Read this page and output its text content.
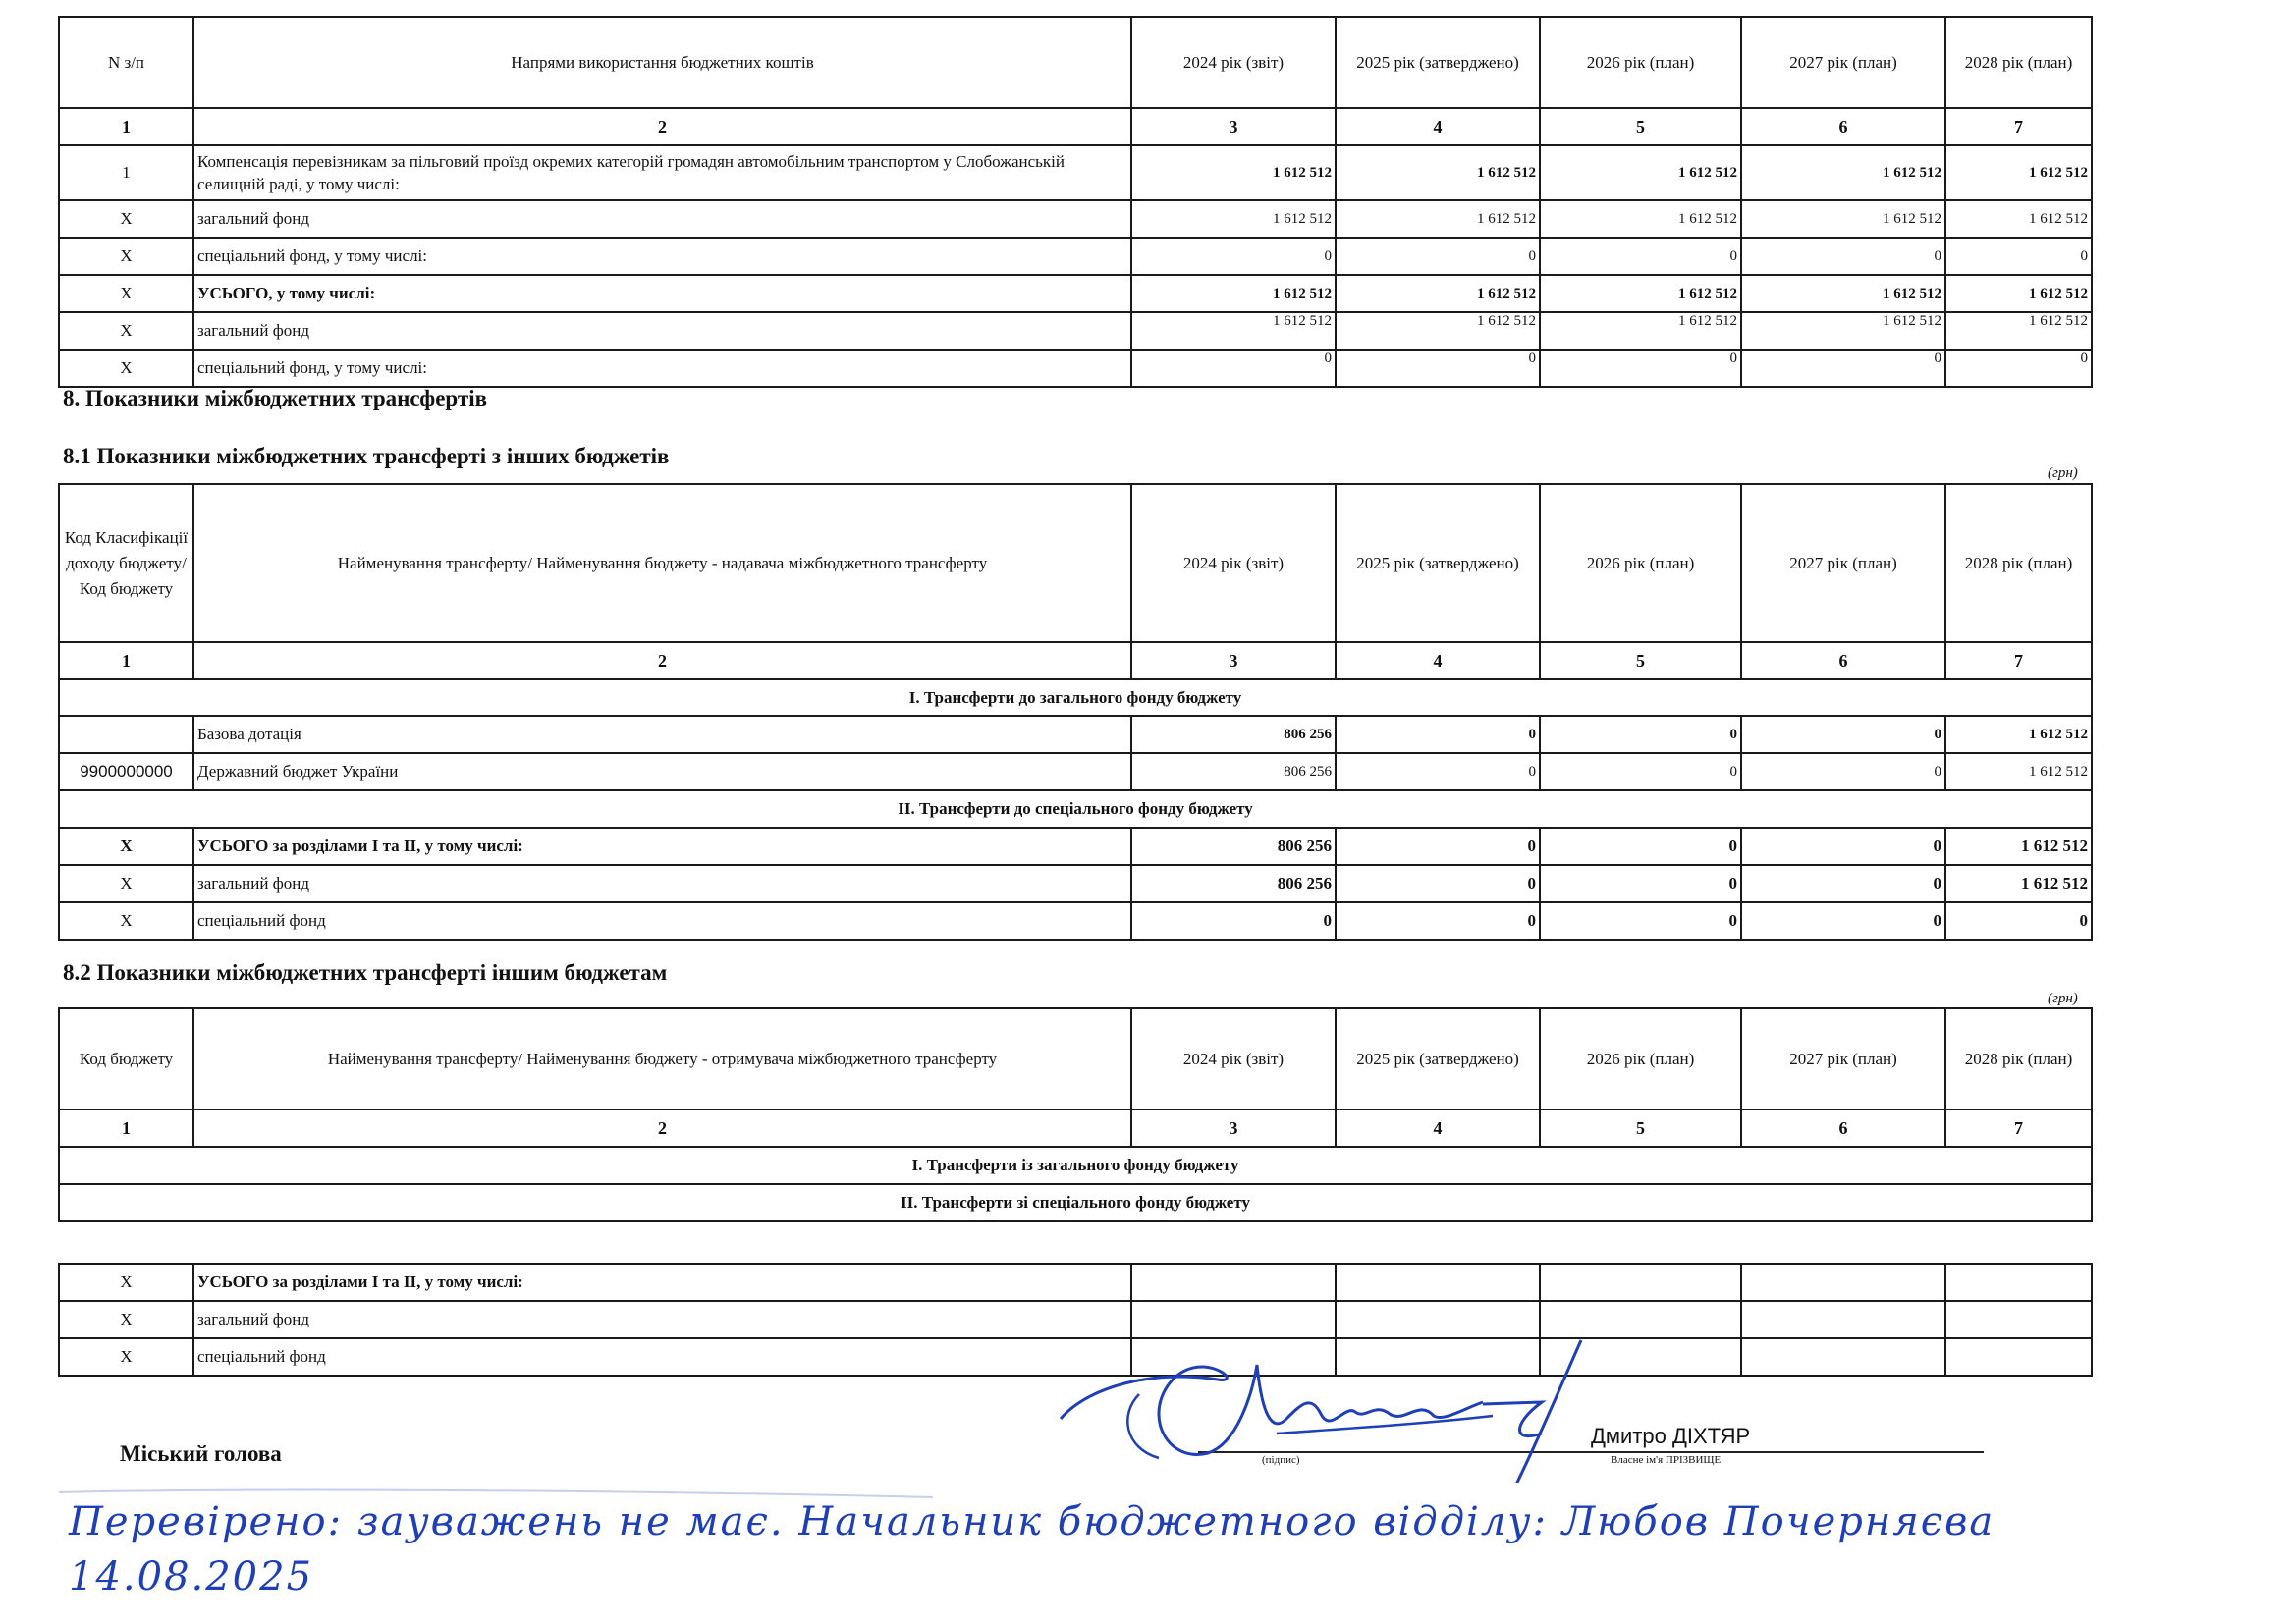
N з/п	Напрями використання бюджетних коштів	2024 рік (звіт)	2025 рік (затверджено)	2026 рік (план)	2027 рік (план)	2028 рік (план)
1	2	3	4	5	6	7
1	Компенсація перевізникам за пільговий проїзд окремих категорій громадян автомобільним транспортом у Слобожанській селищній раді, у тому числі:	1 612 512	1 612 512	1 612 512	1 612 512	1 612 512
X	загальний фонд	1 612 512	1 612 512	1 612 512	1 612 512	1 612 512
X	спеціальний фонд, у тому числі:	0	0	0	0	0
X	УСЬОГО, у тому числі:	1 612 512	1 612 512	1 612 512	1 612 512	1 612 512
X	загальний фонд	1 612 512	1 612 512	1 612 512	1 612 512	1 612 512
X	спеціальний фонд, у тому числі:	0	0	0	0	0
8. Показники міжбюджетних трансфертів
8.1 Показники міжбюджетних трансферті з інших бюджетів
(грн)
Код Класифікації доходу бюджету/Код бюджету	Найменування трансферту/ Найменування бюджету - надавача міжбюджетного трансферту	2024 рік (звіт)	2025 рік (затверджено)	2026 рік (план)	2027 рік (план)	2028 рік (план)
1	2	3	4	5	6	7
I. Трансферти до загального фонду бюджету						
	Базова дотація	806 256	0	0	0	1 612 512
9900000000	Державний бюджет України	806 256	0	0	0	1 612 512
II. Трансферти до спеціального фонду бюджету						
X	УСЬОГО за розділами І та ІІ, у тому числі:	806 256	0	0	0	1 612 512
X	загальний фонд	806 256	0	0	0	1 612 512
X	спеціальний фонд	0	0	0	0	0
8.2 Показники міжбюджетних трансферті іншим бюджетам
(грн)
Код бюджету	Найменування трансферту/ Найменування бюджету - отримувача міжбюджетного трансферту	2024 рік (звіт)	2025 рік (затверджено)	2026 рік (план)	2027 рік (план)	2028 рік (план)
1	2	3	4	5	6	7
I. Трансферти із загального фонду бюджету						
II. Трансферти зі спеціального фонду бюджету						
X	УСЬОГО за розділами І та ІІ, у тому числі:					
X	загальний фонд					
X	спеціальний фонд					
Міський голова
Дмитро ДІХТЯР
(підпис)	Власне ім'я ПРІЗВИЩЕ
Перевірено: зауважень не має. Начальник бюджетного відділу: Любов Почерняєва 14.08.2025
